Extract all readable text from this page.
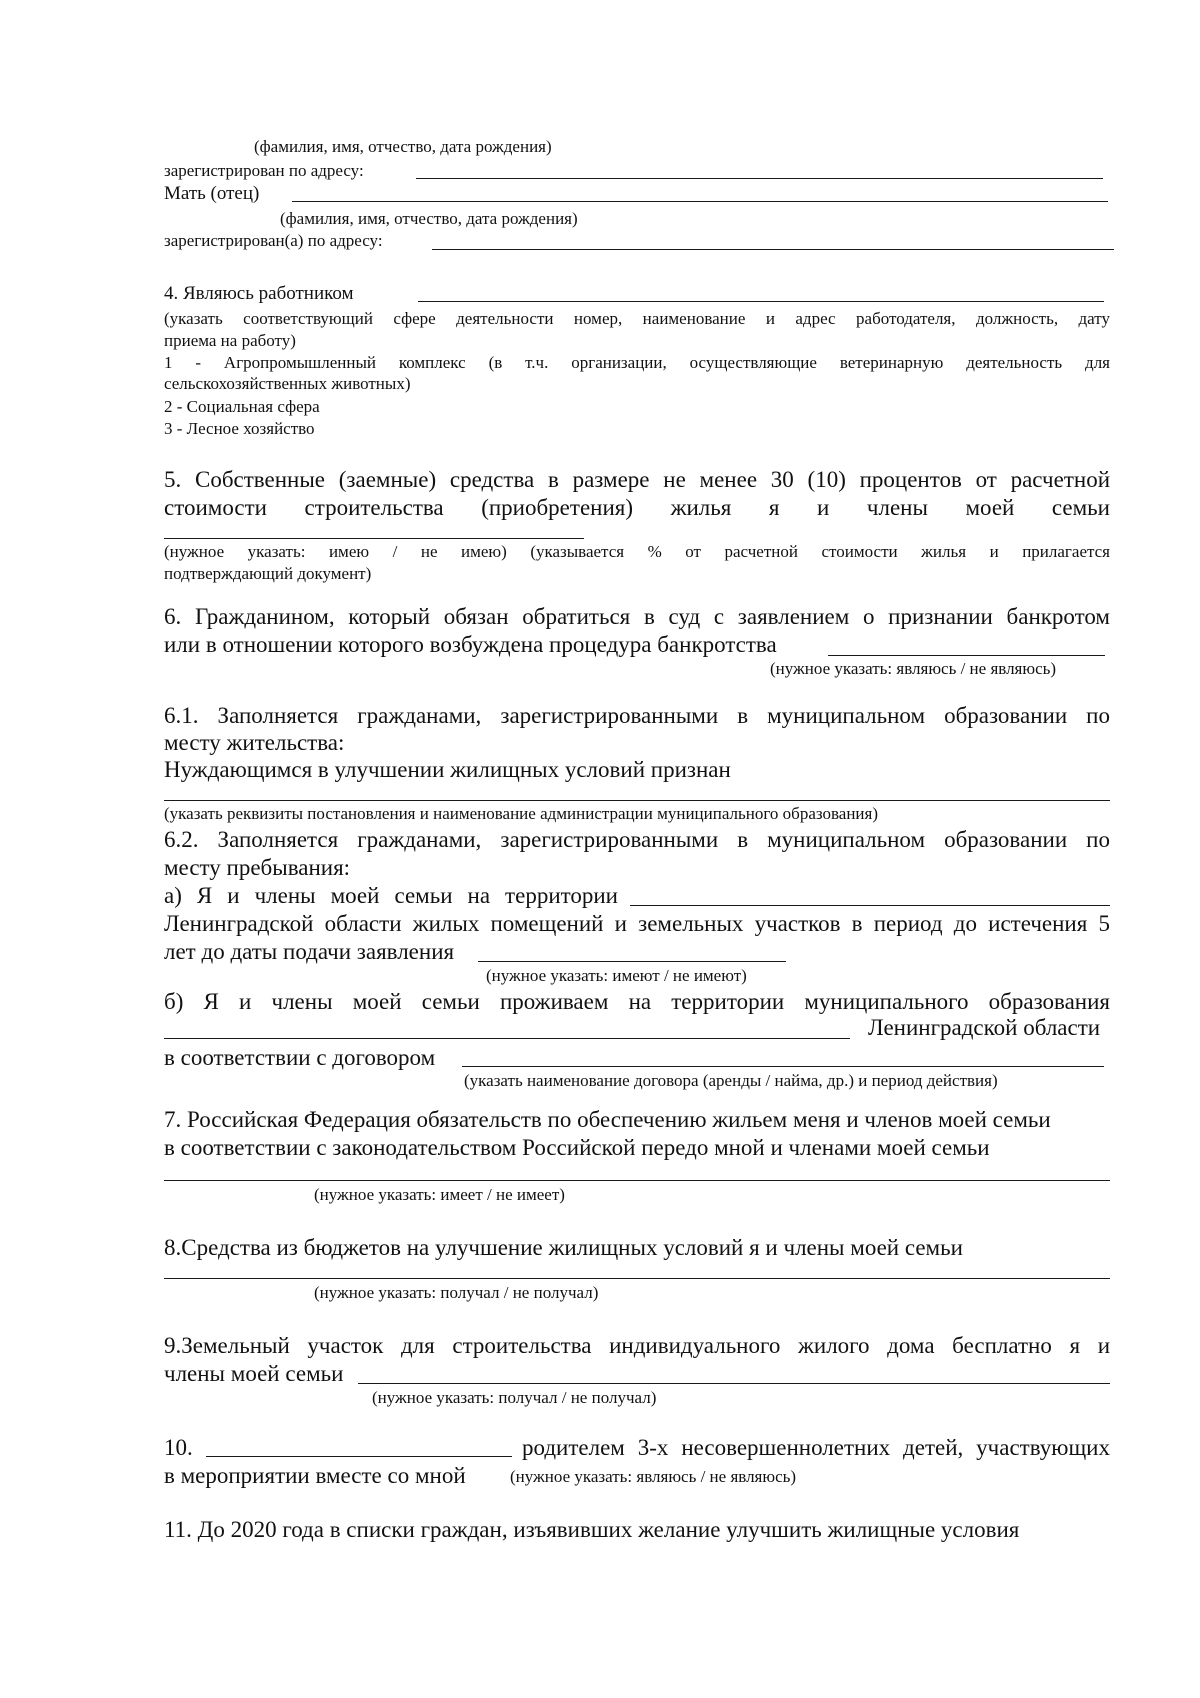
(фамилия, имя, отчество, дата рождения)
зарегистрирован по адресу:
Мать (отец)
(фамилия, имя, отчество, дата рождения)
зарегистрирован(а) по адресу:
4. Являюсь работником
(указать соответствующий сфере деятельности номер, наименование и адрес работодателя, должность, дату
приема на работу)
1 - Агропромышленный комплекс (в т.ч. организации, осуществляющие ветеринарную деятельность для
сельскохозяйственных животных)
2 - Социальная сфера
3 - Лесное хозяйство
5. Собственные (заемные) средства в размере не менее 30 (10) процентов от расчетной
стоимости строительства (приобретения) жилья я и члены моей семьи
(нужное указать: имею / не имею) (указывается % от расчетной стоимости жилья и прилагается
подтверждающий документ)
6. Гражданином, который обязан обратиться в суд с заявлением о признании банкротом
или в отношении которого возбуждена процедура банкротства
(нужное указать: являюсь / не являюсь)
6.1. Заполняется гражданами, зарегистрированными в муниципальном образовании по
месту жительства:
Нуждающимся в улучшении жилищных условий признан
(указать реквизиты постановления и наименование администрации муниципального образования)
6.2. Заполняется гражданами, зарегистрированными в муниципальном образовании по
месту пребывания:
а) Я и члены моей семьи на территории
Ленинградской области жилых помещений и земельных участков в период до истечения 5
лет до даты подачи заявления
(нужное указать: имеют / не имеют)
б) Я и члены моей семьи проживаем на территории муниципального образования
Ленинградской области
в соответствии с договором
(указать наименование договора (аренды / найма, др.) и период действия)
7. Российская Федерация обязательств по обеспечению жильем меня и членов моей семьи
в соответствии с законодательством Российской передо мной и членами моей семьи
(нужное указать: имеет / не имеет)
8.Средства из бюджетов на улучшение жилищных условий я и члены моей семьи
(нужное указать: получал / не получал)
9.Земельный участок для строительства индивидуального жилого дома бесплатно я и
члены моей семьи
(нужное указать: получал / не получал)
10.	родителем 3-х несовершеннолетних детей, участвующих
в мероприятии вместе со мной	(нужное указать: являюсь / не являюсь)
11. До 2020 года в списки граждан, изъявивших желание улучшить жилищные условия
